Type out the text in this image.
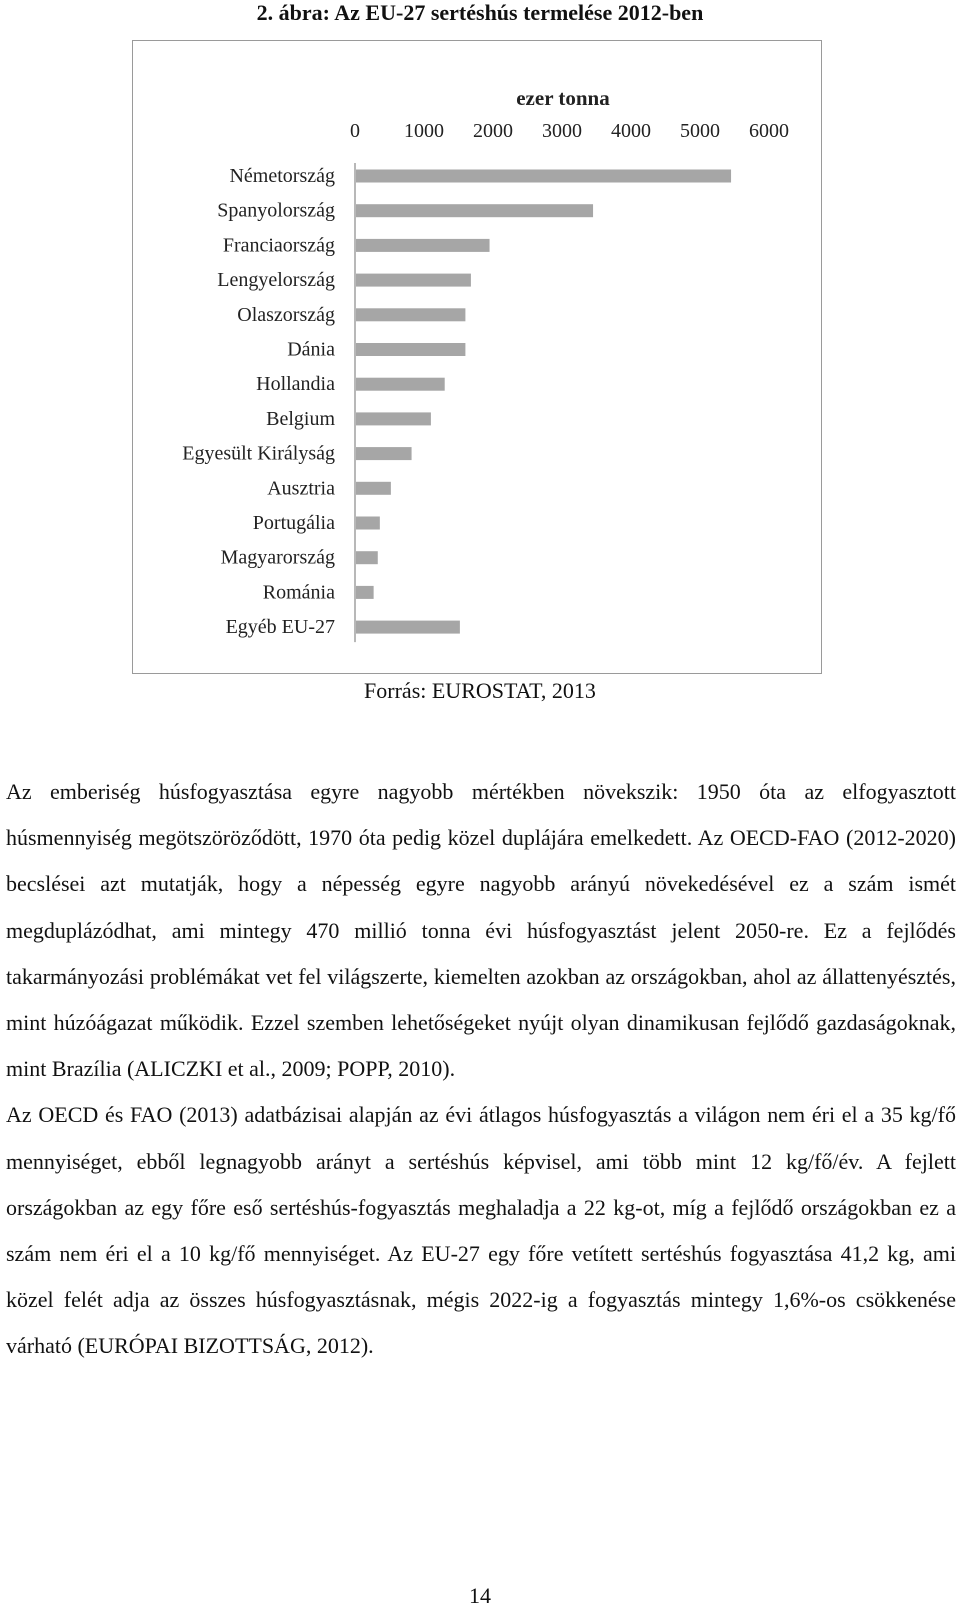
2. ábra: Az EU-27 sertéshús termelése 2012-ben
ezer tonna
0 1000 2000 3000 4000 5000 6000
Németország
Spanyolország
Franciaország
Lengyelország
Olaszország
Dánia
Hollandia
Belgium
Egyesült Királyság
Ausztria
Portugália
Magyarország
Románia
Egyéb EU-27
Forrás: EUROSTAT, 2013

Az emberiség húsfogyasztása egyre nagyobb mértékben növekszik: 1950 óta az elfogyasztott húsmennyiség megötszöröződött, 1970 óta pedig közel duplájára emelkedett. Az OECD-FAO (2012-2020) becslései azt mutatják, hogy a népesség egyre nagyobb arányú növekedésével ez a szám ismét megduplázódhat, ami mintegy 470 millió tonna évi húsfogyasztást jelent 2050-re. Ez a fejlődés takarmányozási problémákat vet fel világszerte, kiemelten azokban az országokban, ahol az állattenyésztés, mint húzóágazat működik. Ezzel szemben lehetőségeket nyújt olyan dinamikusan fejlődő gazdaságoknak, mint Brazília (ALICZKI et al., 2009; POPP, 2010).

Az OECD és FAO (2013) adatbázisai alapján az évi átlagos húsfogyasztás a világon nem éri el a 35 kg/fő mennyiséget, ebből legnagyobb arányt a sertéshús képvisel, ami több mint 12 kg/fő/év. A fejlett országokban az egy főre eső sertéshús-fogyasztás meghaladja a 22 kg-ot, míg a fejlődő országokban ez a szám nem éri el a 10 kg/fő mennyiséget. Az EU-27 egy főre vetített sertéshús fogyasztása 41,2 kg, ami közel felét adja az összes húsfogyasztásnak, mégis 2022-ig a fogyasztás mintegy 1,6%-os csökkenése várható (EURÓPAI BIZOTTSÁG, 2012).

14
